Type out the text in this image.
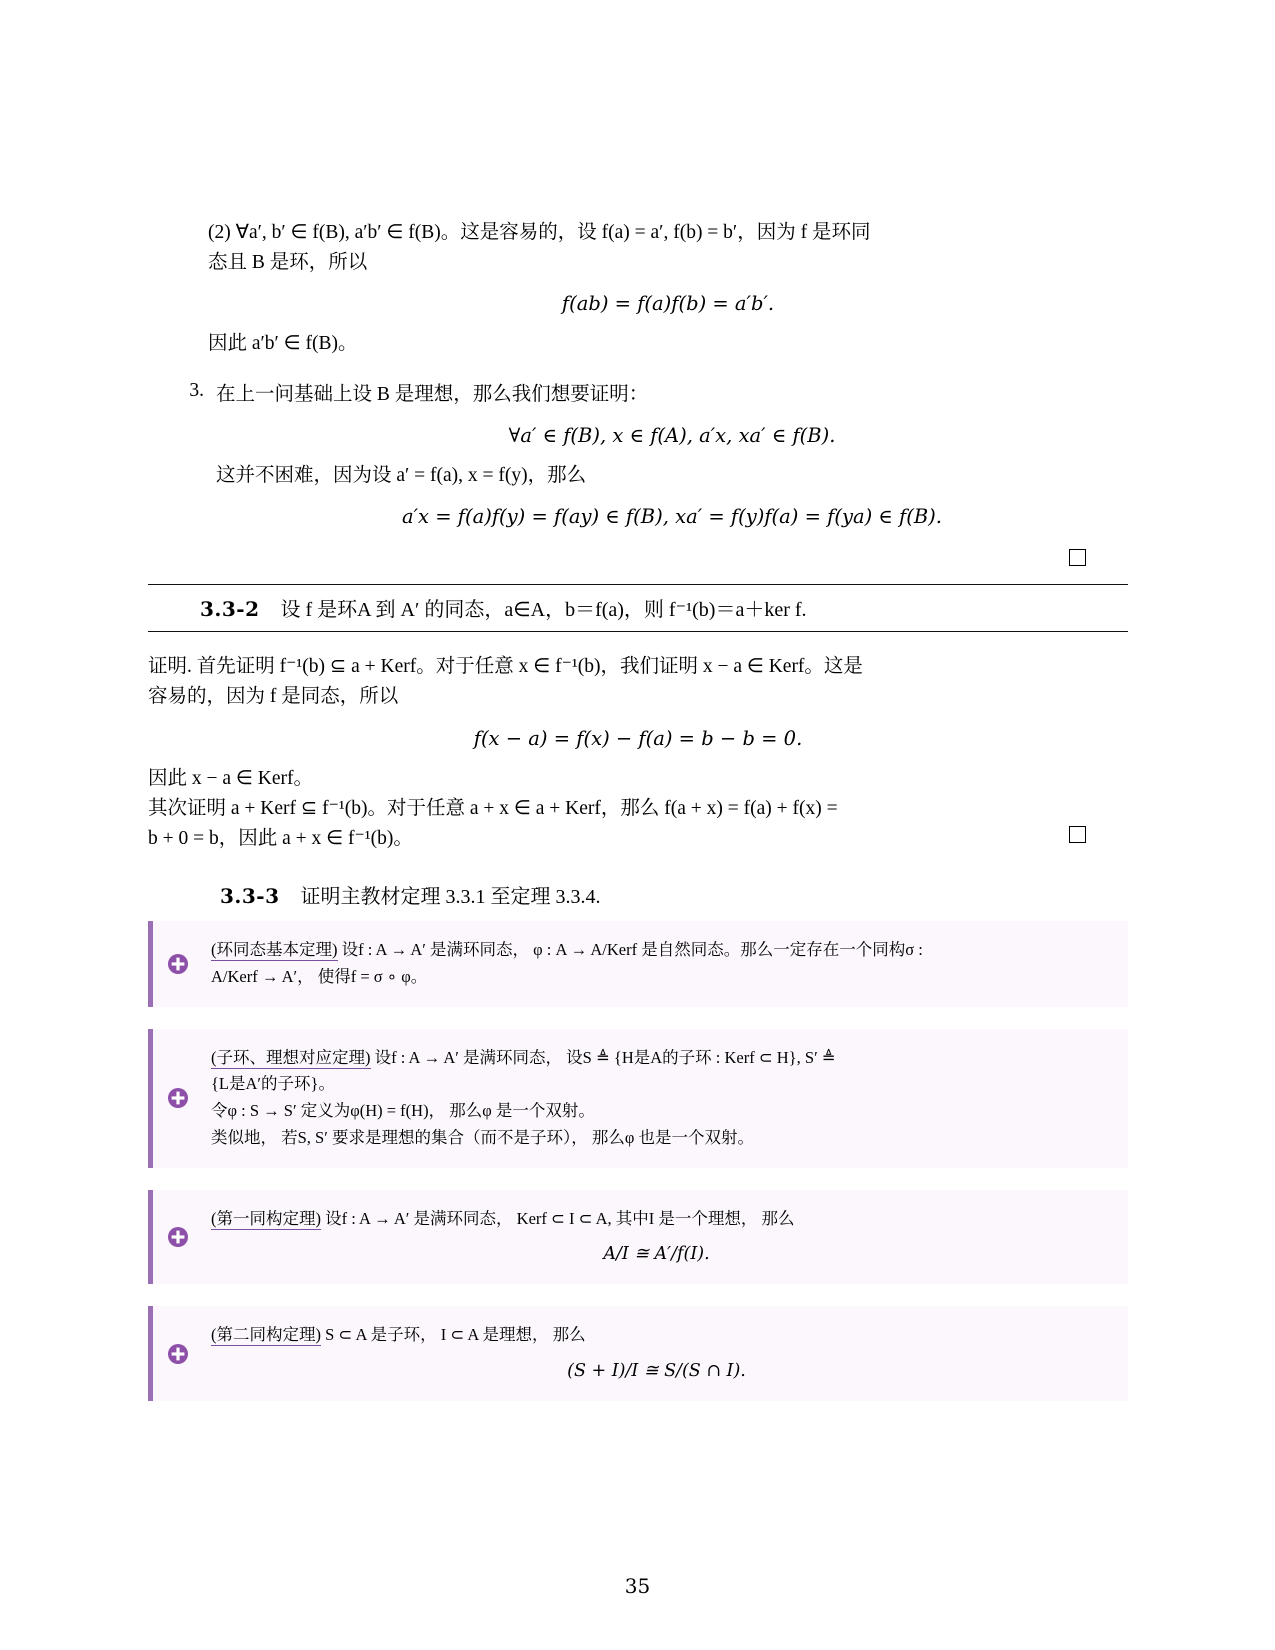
(2) ∀a′, b′ ∈ f(B), a′b′ ∈ f(B)。这是容易的，设 f(a) = a′, f(b) = b′，因为 f 是环同
态且 B 是环，所以
f(ab) = f(a)f(b) = a′b′.
因此 a′b′ ∈ f(B)。
3. 在上一问基础上设 B 是理想，那么我们想要证明：
∀a′ ∈ f(B), x ∈ f(A), a′x, xa′ ∈ f(B).
这并不困难，因为设 a′ = f(a), x = f(y)，那么
a′x = f(a)f(y) = f(ay) ∈ f(B), xa′ = f(y)f(a) = f(ya) ∈ f(B).
3.3-2 设 f 是环A 到 A′ 的同态，a∈A，b＝f(a)，则 f⁻¹(b)＝a＋ker f.
证明. 首先证明 f⁻¹(b) ⊆ a + Kerf。对于任意 x ∈ f⁻¹(b)，我们证明 x − a ∈ Kerf。这是
容易的，因为 f 是同态，所以
f(x − a) = f(x) − f(a) = b − b = 0.
因此 x − a ∈ Kerf。
其次证明 a + Kerf ⊆ f⁻¹(b)。对于任意 a + x ∈ a + Kerf，那么 f(a + x) = f(a) + f(x) =
b + 0 = b，因此 a + x ∈ f⁻¹(b)。
3.3-3 证明主教材定理 3.3.1 至定理 3.3.4.

(环同态基本定理) 设f : A → A′ 是满环同态， φ : A → A/Kerf 是自然同态。那么一定存在一个同构σ :

A/Kerf → A′， 使得f = σ ∘ φ。

(子环、理想对应定理) 设f : A → A′ 是满环同态， 设S ≜ {H是A的子环 : Kerf ⊂ H}, S′ ≜

{L是A′的子环}。

令φ : S → S′ 定义为φ(H) = f(H)， 那么φ 是一个双射。

类似地， 若S, S′ 要求是理想的集合（而不是子环）， 那么φ 也是一个双射。

(第一同构定理) 设f : A → A′ 是满环同态， Kerf ⊂ I ⊂ A, 其中I 是一个理想， 那么

A/I ≅ A′/f(I).

(第二同构定理) S ⊂ A 是子环， I ⊂ A 是理想， 那么

(S + I)/I ≅ S/(S ∩ I).

35
